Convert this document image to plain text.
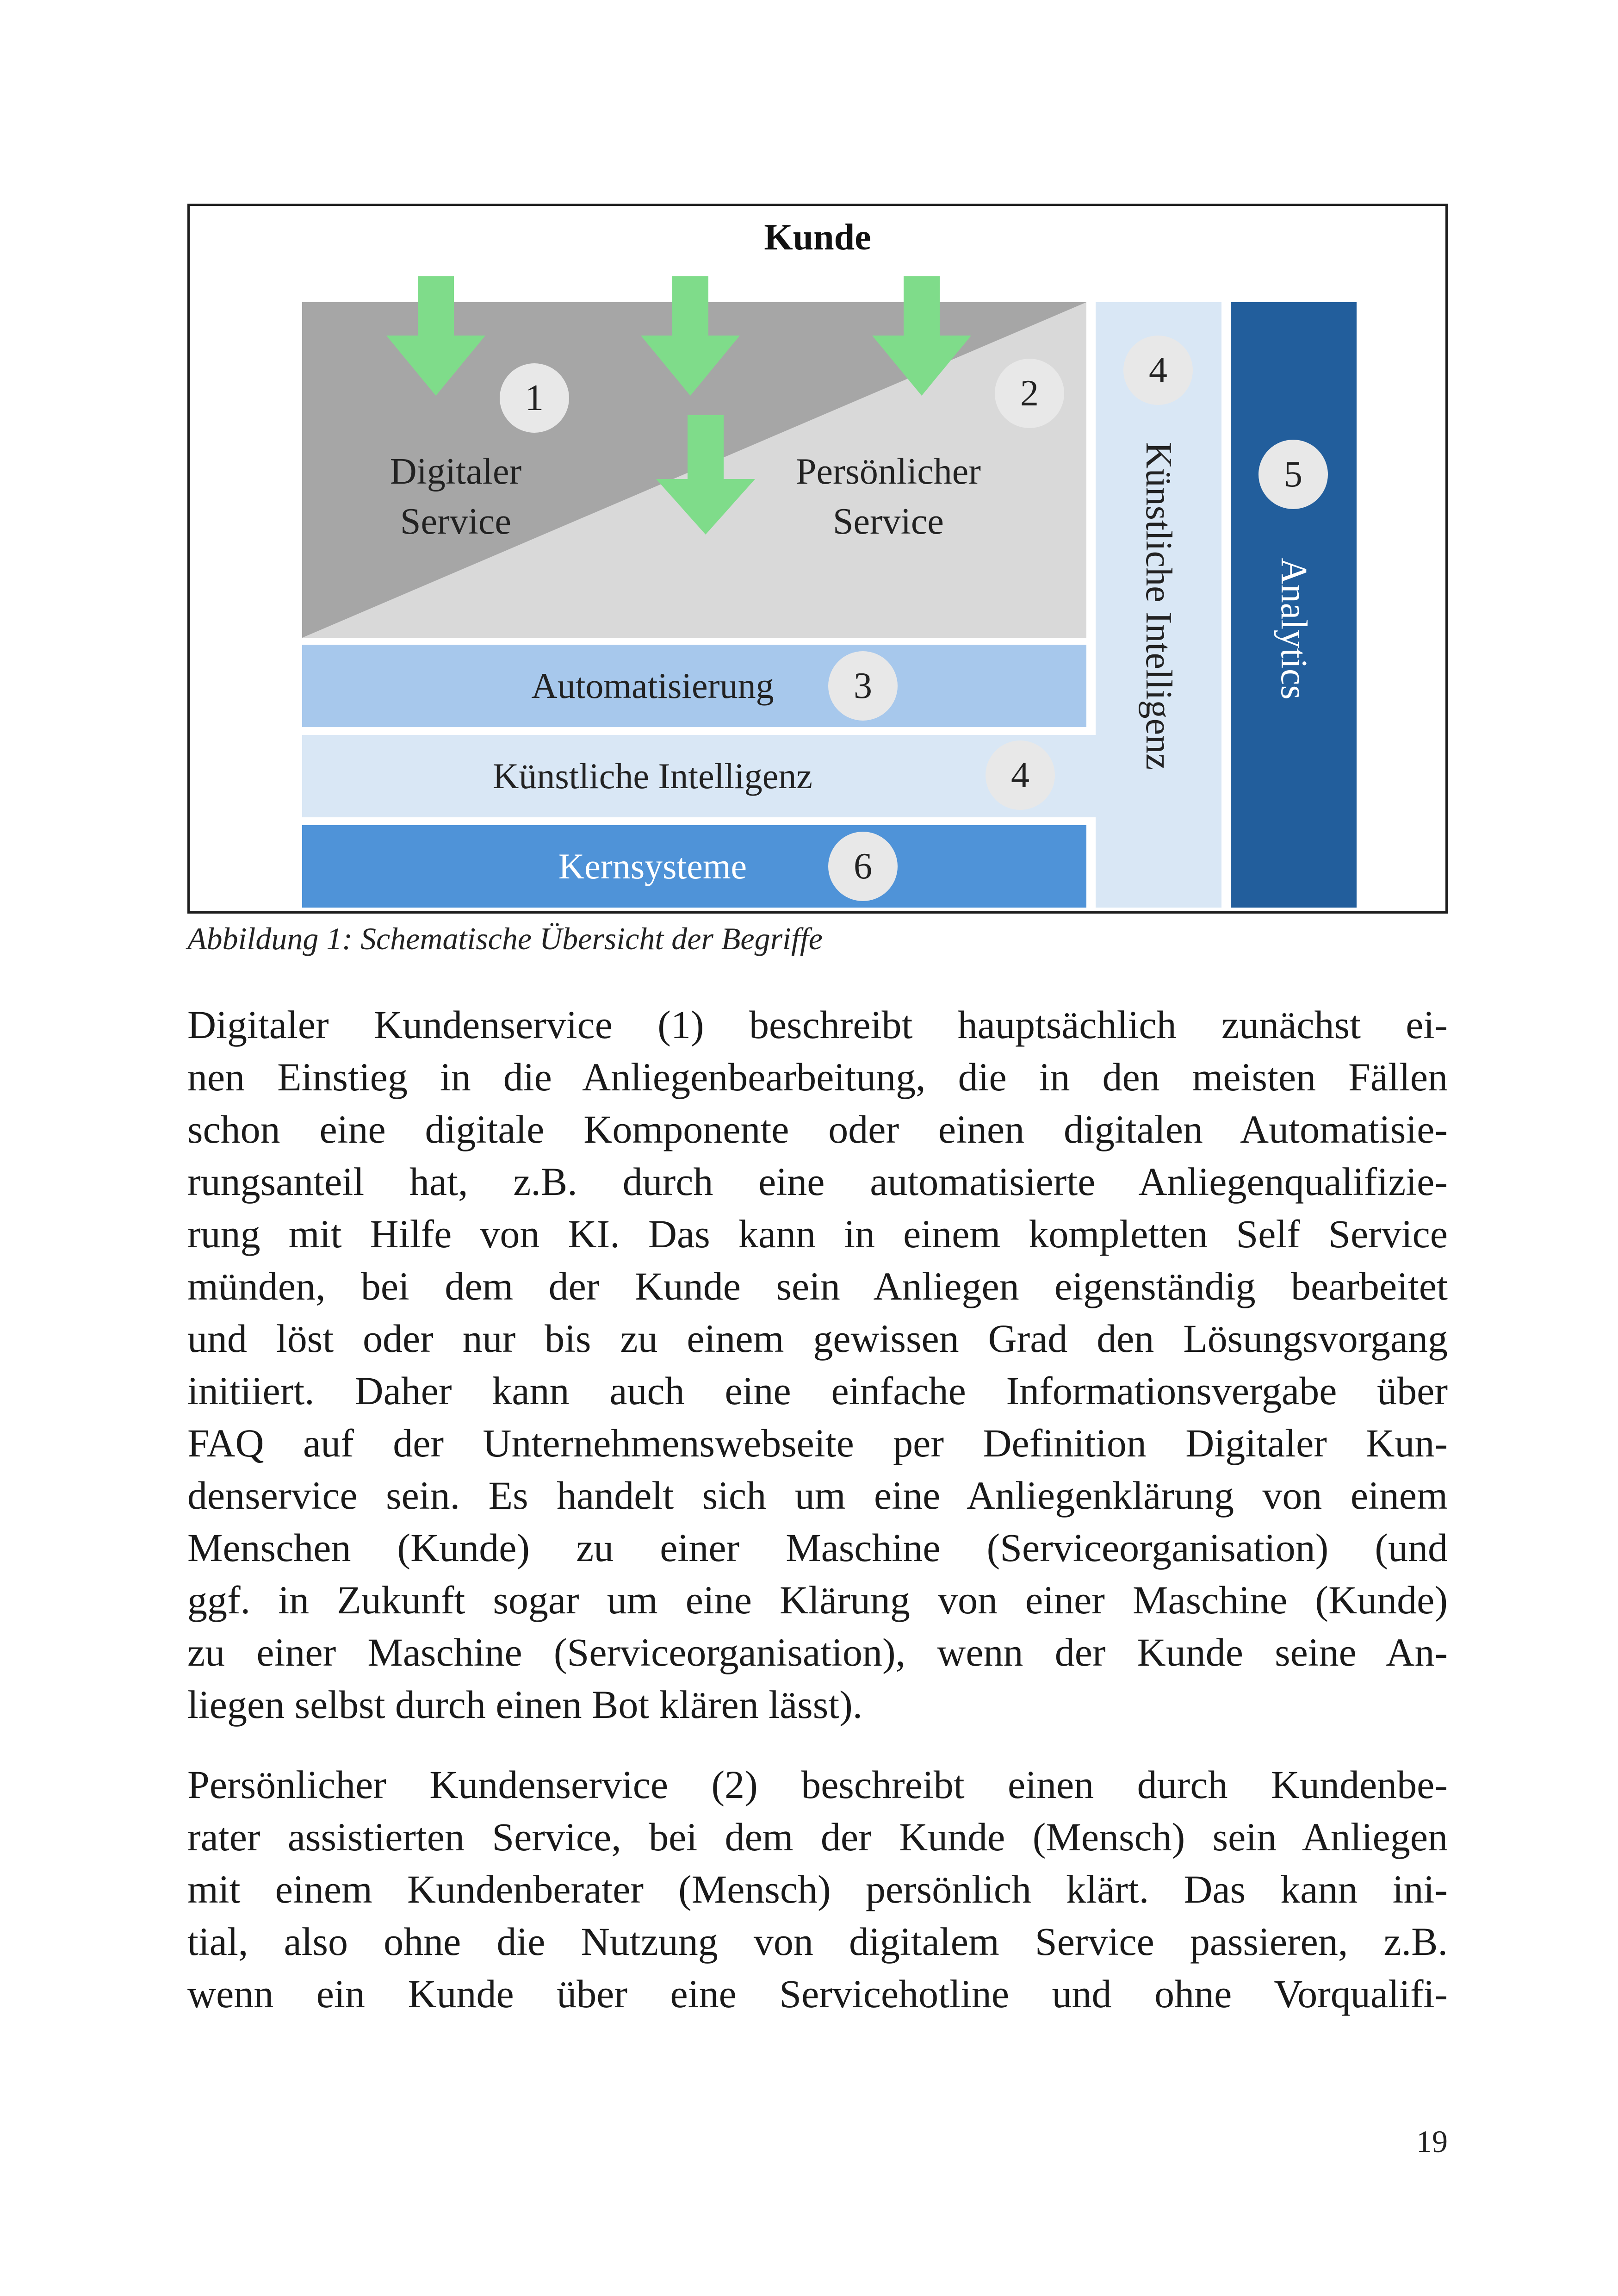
Kunde
1	2
Digitaler
Service
Persönlicher
Service
Automatisierung	3
Künstliche Intelligenz	4
Kernsysteme	6
4
Künstliche Intelligenz	5
Analytics
Abbildung 1: Schematische Übersicht der Begriffe
Digitaler Kundenservice (1) beschreibt hauptsächlich zunächst ei-
nen Einstieg in die Anliegenbearbeitung, die in den meisten Fällen
schon eine digitale Komponente oder einen digitalen Automatisie-
rungsanteil hat, z.B. durch eine automatisierte Anliegenqualifizie-
rung mit Hilfe von KI. Das kann in einem kompletten Self Service
münden, bei dem der Kunde sein Anliegen eigenständig bearbeitet
und löst oder nur bis zu einem gewissen Grad den Lösungsvorgang
initiiert. Daher kann auch eine einfache Informationsvergabe über
FAQ auf der Unternehmenswebseite per Definition Digitaler Kun-
denservice sein. Es handelt sich um eine Anliegenklärung von einem
Menschen (Kunde) zu einer Maschine (Serviceorganisation) (und
ggf. in Zukunft sogar um eine Klärung von einer Maschine (Kunde)
zu einer Maschine (Serviceorganisation), wenn der Kunde seine An-
liegen selbst durch einen Bot klären lässt).
Persönlicher Kundenservice (2) beschreibt einen durch Kundenbe-
rater assistierten Service, bei dem der Kunde (Mensch) sein Anliegen
mit einem Kundenberater (Mensch) persönlich klärt. Das kann ini-
tial, also ohne die Nutzung von digitalem Service passieren, z.B.
wenn ein Kunde über eine Servicehotline und ohne Vorqualifi-
19
